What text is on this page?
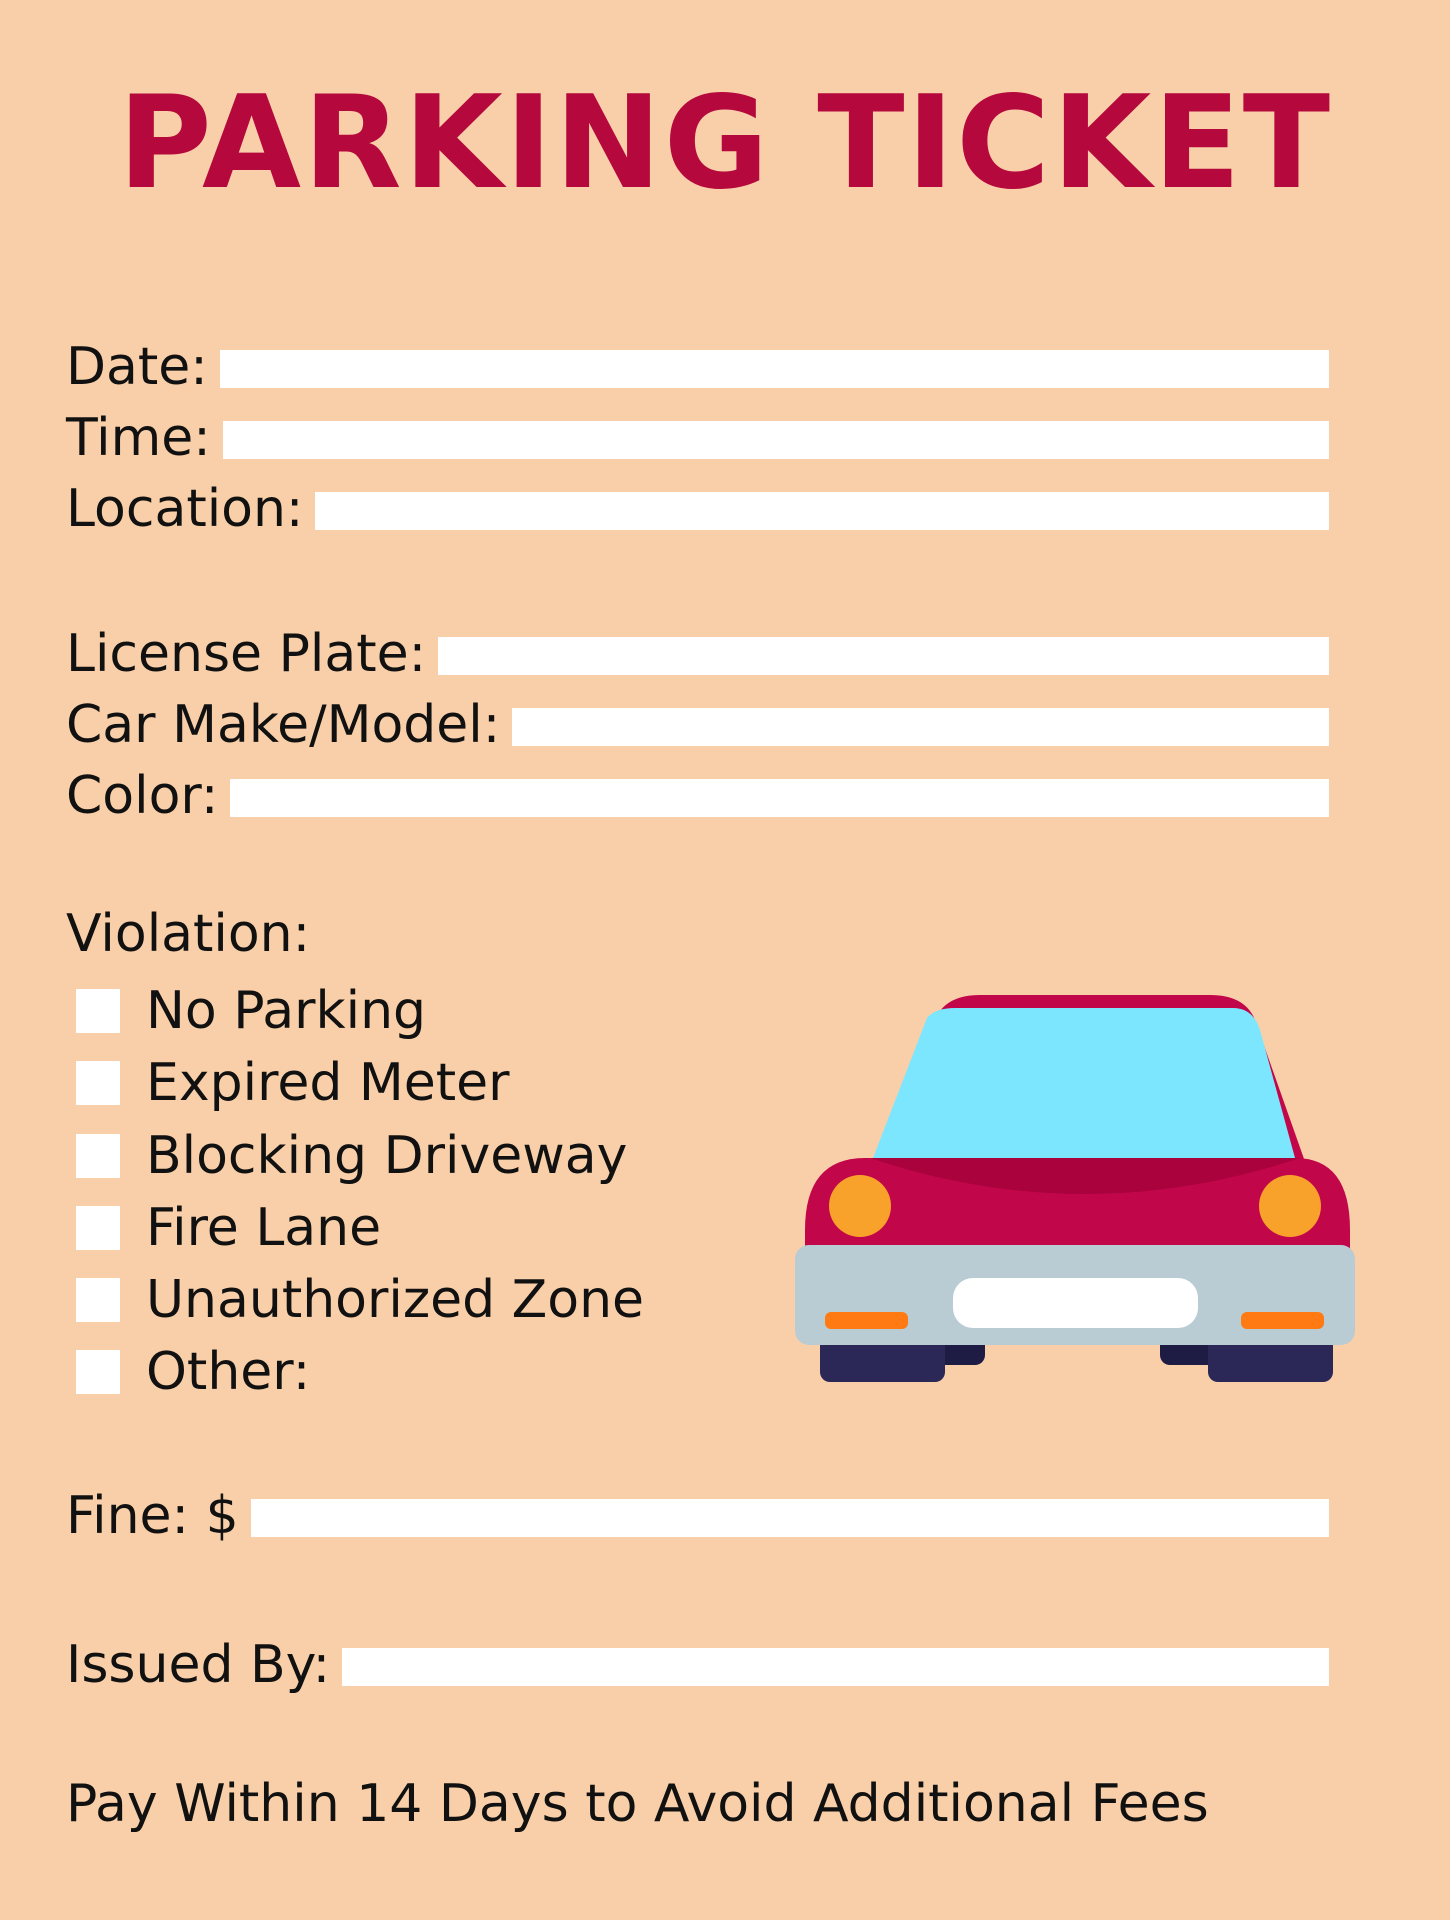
PARKING TICKET
Date:
Time:
Location:
License Plate:
Car Make/Model:
Color:
Violation:
No Parking
Expired Meter
Blocking Driveway
Fire Lane
Unauthorized Zone
Other:
Fine: $
Issued By:
Pay Within 14 Days to Avoid Additional Fees
